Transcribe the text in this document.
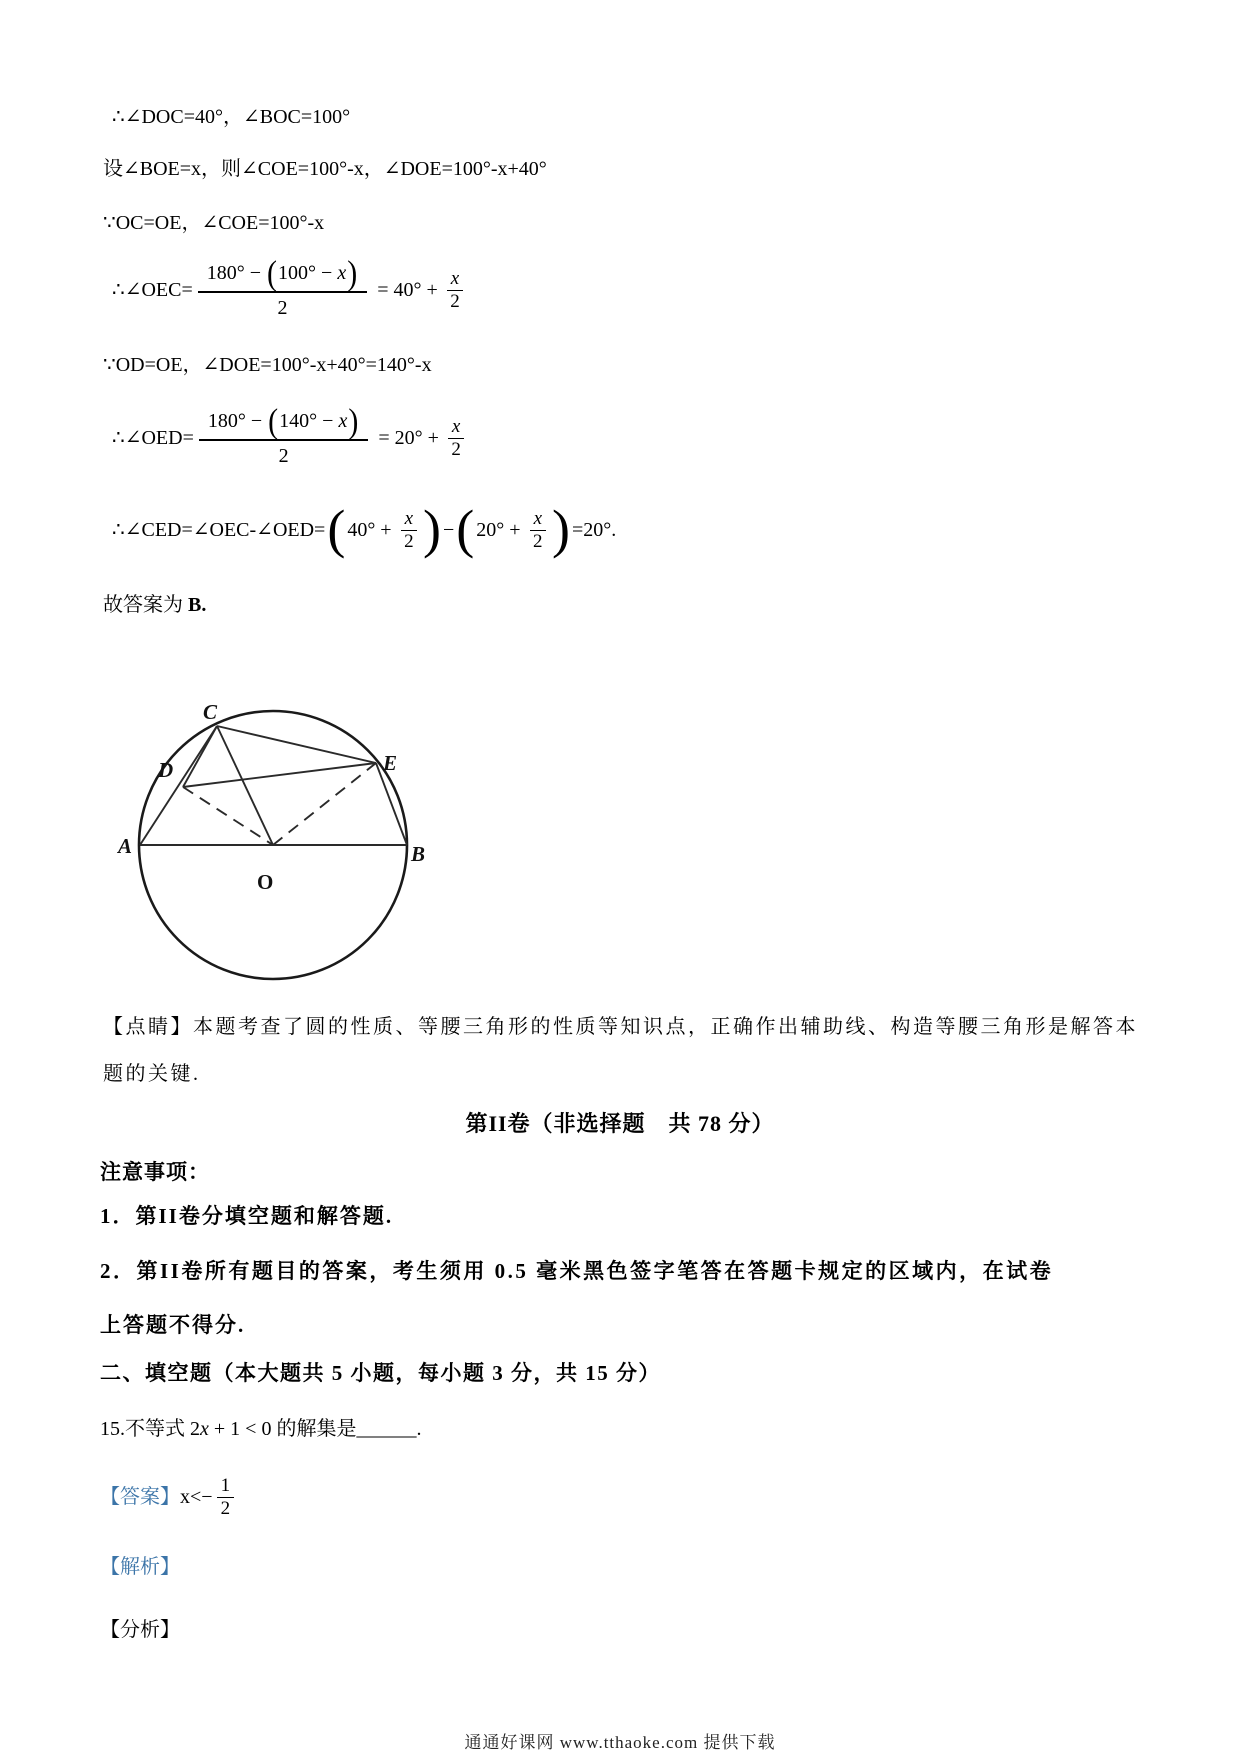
∴∠DOC=40°，∠BOC=100°
设∠BOE=x，则∠COE=100°-x，∠DOE=100°-x+40°
∵OC=OE，∠COE=100°-x
∴∠OEC= $\frac{180^\circ - ( 100^\circ - x )}{2} = 40^\circ + \frac{x}{2}$
∵OD=OE，∠DOE=100°-x+40°=140°-x
∴∠OED= $\frac{180^\circ - ( 140^\circ - x )}{2} = 20^\circ + \frac{x}{2}$
∴∠CED=∠OEC-∠OED= ( $40^\circ + \frac{x}{2}$ ) − ( $20^\circ + \frac{x}{2}$ ) =20°.
故答案为 B.
A	B
C
D	E
O
【点睛】本题考查了圆的性质、等腰三角形的性质等知识点，正确作出辅助线、构造等腰三角形是解答本
题的关键.
第II卷（非选择题　共 78 分）
注意事项：
1．第II卷分填空题和解答题.
2．第II卷所有题目的答案，考生须用 0.5 毫米黑色签字笔答在答题卡规定的区域内，在试卷
上答题不得分.
二、填空题（本大题共 5 小题，每小题 3 分，共 15 分）
15.不等式 2 x + 1 < 0 的解集是______.
【答案】 $x< - \frac{1}{2}$
【解析】
【分析】
通通好课网 www.tthaoke.com 提供下载
